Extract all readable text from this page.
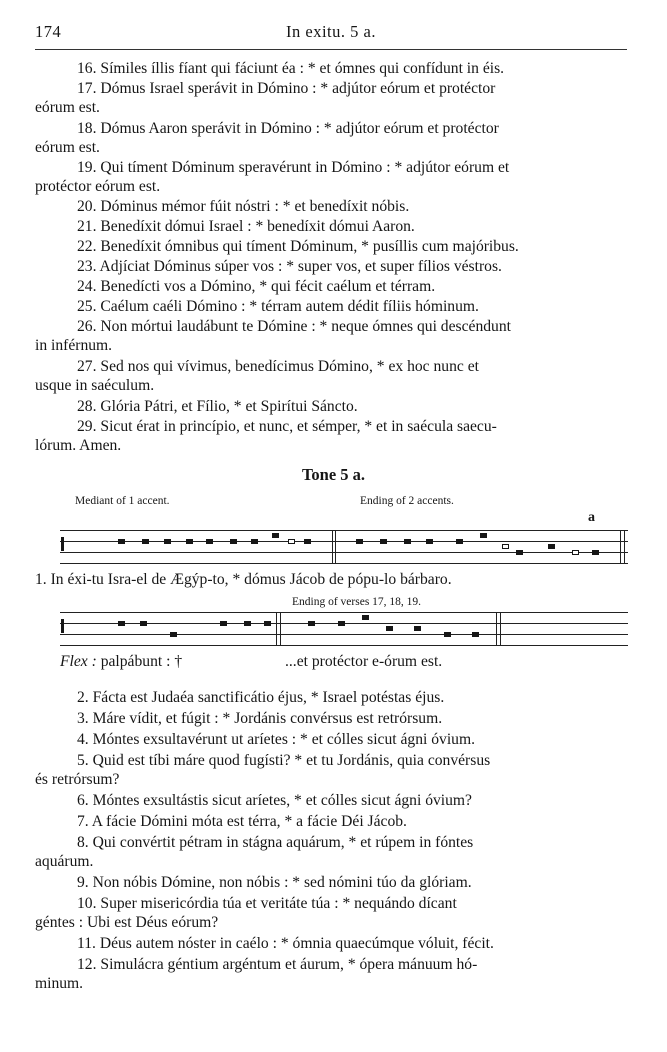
174	In exitu. 5 a.
16. Símiles íllis fíant qui fáciunt éa : * et ómnes qui confídunt in éis.
17. Dómus Israel sperávit in Dómino : * adjútor eórum et protéctor
eórum est.
18. Dómus Aaron sperávit in Dómino : * adjútor eórum et protéctor
eórum est.
19. Qui tíment Dóminum speravérunt in Dómino : * adjútor eórum et
protéctor eórum est.
20. Dóminus mémor fúit nóstri : * et benedíxit nóbis.
21. Benedíxit dómui Israel : * benedíxit dómui Aaron.
22. Benedíxit ómnibus qui tíment Dóminum, * pusíllis cum majóribus.
23. Adjíciat Dóminus súper vos : * super vos, et super fílios véstros.
24. Benedícti vos a Dómino, * qui fécit caélum et térram.
25. Caélum caéli Dómino : * térram autem dédit fíliis hóminum.
26. Non mórtui laudábunt te Dómine : * neque ómnes qui descéndunt
in inférnum.
27. Sed nos qui vívimus, benedícimus Dómino, * ex hoc nunc et
usque in saéculum.
28. Glória Pátri, et Fílio, * et Spirítui Sáncto.
29. Sicut érat in princípio, et nunc, et sémper, * et in saécula saecu-
lórum. Amen.
Tone 5 a.
Mediant of 1 accent.	Ending of 2 accents.
a
1. In éxi-tu Isra-el de Ægýp-to, * dómus Jácob de pópu-lo bárbaro.
Ending of verses 17, 18, 19.
Flex : palpábunt : †	...et protéctor e-órum est.
2. Fácta est Judaéa sanctificátio éjus, * Israel potéstas éjus.
3. Máre vídit, et fúgit : * Jordánis convérsus est retrórsum.
4. Móntes exsultavérunt ut aríetes : * et cólles sicut ágni óvium.
5. Quid est tíbi máre quod fugísti? * et tu Jordánis, quia convérsus
és retrórsum?
6. Móntes exsultástis sicut aríetes, * et cólles sicut ágni óvium?
7. A fácie Dómini móta est térra, * a fácie Déi Jácob.
8. Qui convértit pétram in stágna aquárum, * et rúpem in fóntes
aquárum.
9. Non nóbis Dómine, non nóbis : * sed nómini túo da glóriam.
10. Super misericórdia túa et veritáte túa : * nequándo dícant
géntes : Ubi est Déus eórum?
11. Déus autem nóster in caélo : * ómnia quaecúmque vóluit, fécit.
12. Simulácra géntium argéntum et áurum, * ópera mánuum hó-
minum.
